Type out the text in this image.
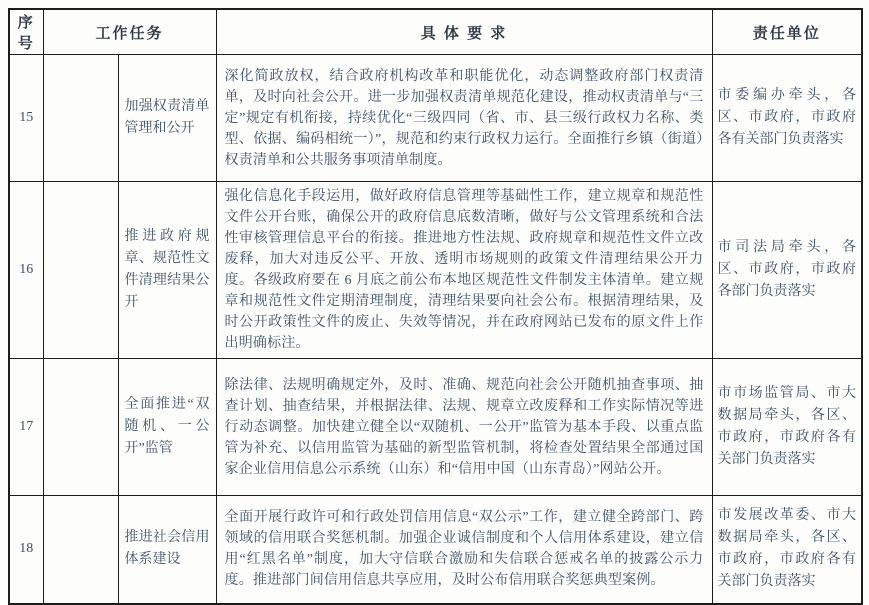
序号	工作任务		具 体 要 求	责任单位
15		加强权责清单管理和公开	深化简政放权，结合政府机构改革和职能优化，动态调整政府部门权责清单，及时向社会公开。进一步加强权责清单规范化建设，推动权责清单与“三定”规定有机衔接，持续优化“三级四同（省、市、县三级行政权力名称、类型、依据、编码相统一）”，规范和约束行政权力运行。全面推行乡镇（街道）权责清单和公共服务事项清单制度。	市委编办牵头，各区、市政府，市政府各有关部门负责落实
16		推进政府规章、规范性文件清理结果公开	强化信息化手段运用，做好政府信息管理等基础性工作，建立规章和规范性文件公开台账，确保公开的政府信息底数清晰，做好与公文管理系统和合法性审核管理信息平台的衔接。推进地方性法规、政府规章和规范性文件立改废释，加大对违反公平、开放、透明市场规则的政策文件清理结果公开力度。各级政府要在 6 月底之前公布本地区规范性文件制发主体清单。建立规章和规范性文件定期清理制度，清理结果要向社会公布。根据清理结果，及时公开政策性文件的废止、失效等情况，并在政府网站已发布的原文件上作出明确标注。	市司法局牵头，各区、市政府，市政府各部门负责落实
17		全面推进“双随机、一公开”监管	除法律、法规明确规定外，及时、准确、规范向社会公开随机抽查事项、抽查计划、抽查结果，并根据法律、法规、规章立改废释和工作实际情况等进行动态调整。加快建立健全以“双随机、一公开”监管为基本手段、以重点监管为补充、以信用监管为基础的新型监管机制，将检查处置结果全部通过国家企业信用信息公示系统（山东）和“信用中国（山东青岛）”网站公开。	市市场监管局、市大数据局牵头，各区、市政府，市政府各有关部门负责落实
18		推进社会信用体系建设	全面开展行政许可和行政处罚信用信息“双公示”工作，建立健全跨部门、跨领域的信用联合奖惩机制。加强企业诚信制度和个人信用体系建设，建立信用“红黑名单”制度，加大守信联合激励和失信联合惩戒名单的披露公示力度。推进部门间信用信息共享应用，及时公布信用联合奖惩典型案例。	市发展改革委、市大数据局牵头，各区、市政府，市政府各有关部门负责落实
